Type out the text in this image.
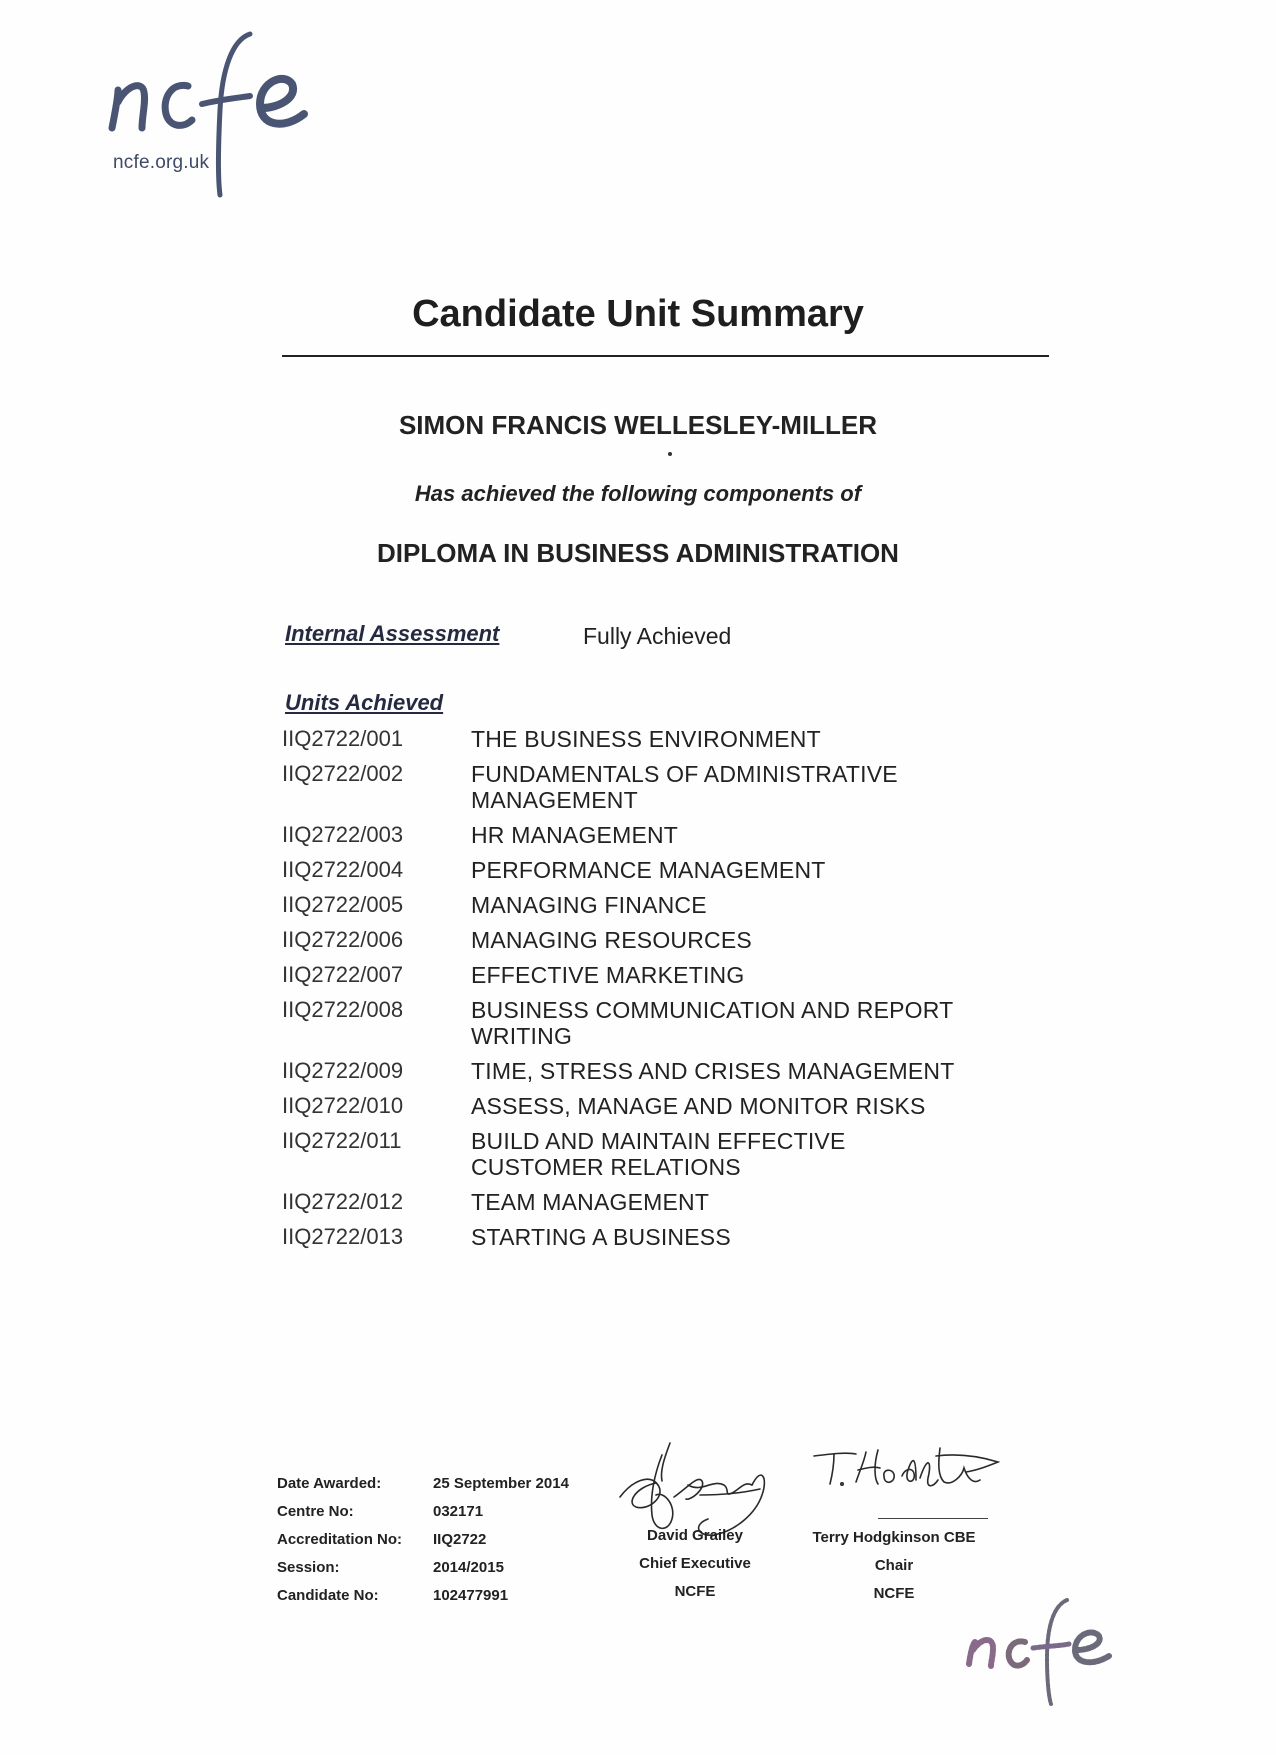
ncfe.org.uk
Candidate Unit Summary
SIMON FRANCIS WELLESLEY-MILLER
Has achieved the following components of
DIPLOMA IN BUSINESS ADMINISTRATION
Internal Assessment	Fully Achieved
Units Achieved
IIQ2722/001	THE BUSINESS ENVIRONMENT
IIQ2722/002	FUNDAMENTALS OF ADMINISTRATIVE MANAGEMENT
IIQ2722/003	HR MANAGEMENT
IIQ2722/004	PERFORMANCE MANAGEMENT
IIQ2722/005	MANAGING FINANCE
IIQ2722/006	MANAGING RESOURCES
IIQ2722/007	EFFECTIVE MARKETING
IIQ2722/008	BUSINESS COMMUNICATION AND REPORT WRITING
IIQ2722/009	TIME, STRESS AND CRISES MANAGEMENT
IIQ2722/010	ASSESS, MANAGE AND MONITOR RISKS
IIQ2722/011	BUILD AND MAINTAIN EFFECTIVE CUSTOMER RELATIONS
IIQ2722/012	TEAM MANAGEMENT
IIQ2722/013	STARTING A BUSINESS
Date Awarded:	25 September 2014
Centre No:	032171
Accreditation No:	IIQ2722
Session:	2014/2015
Candidate No:	102477991
David Grailey
Chief Executive
NCFE
Terry Hodgkinson CBE
Chair
NCFE
